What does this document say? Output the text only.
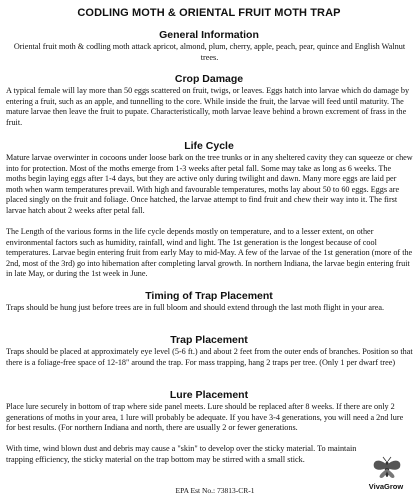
CODLING MOTH & ORIENTAL FRUIT MOTH TRAP
General Information

Oriental fruit moth & codling moth attack apricot, almond, plum, cherry, apple, peach, pear, quince and English Walnut trees.

Crop Damage

A typical female will lay more than 50 eggs scattered on fruit, twigs, or leaves. Eggs hatch into larvae which do damage by entering a fruit, such as an apple, and tunnelling to the core. While inside the fruit, the larvae will feed until maturity. The mature larvae then leave the fruit to pupate. Characteristically, moth larvae leave behind a brown excrement of frass in the fruit.

Life Cycle

Mature larvae overwinter in cocoons under loose bark on the tree trunks or in any sheltered cavity they can squeeze or chew into for protection. Most of the moths emerge from 1-3 weeks after petal fall. Some may take as long as 6 weeks. The moths begin laying eggs after 1-4 days, but they are active only during twilight and dawn. Many more eggs are laid per moth when warm temperatures prevail. With high and favourable temperatures, moths lay about 50 to 60 eggs. Eggs are placed singly on the fruit and foliage. Once hatched, the larvae attempt to find fruit and chew their way into it. The first larvae hatch about 2 weeks after petal fall.

The Length of the various forms in the life cycle depends mostly on temperature, and to a lesser extent, on other environmental factors such as humidity, rainfall, wind and light. The 1st generation is the longest because of cool temperatures. Larvae begin entering fruit from early May to mid-May. A few of the larvae of the 1st generation (more of the 2nd, most of the 3rd) go into hibernation after completing larval growth. In northern Indiana, the larvae begin entering fruit in late May, or during the 1st week in June.

Timing of Trap Placement

Traps should be hung just before trees are in full bloom and should extend through the last moth flight in your area.

Trap Placement

Traps should be placed at approximately eye level (5-6 ft.) and about 2 feet from the outer ends of branches. Position so that there is a foliage-free space of 12-18" around the trap. For mass trapping, hang 2 traps per tree. (Only 1 per dwarf tree)

Lure Placement

Place lure securely in bottom of trap where side panel meets. Lure should be replaced after 8 weeks. If there are only 2 generations of moths in your area, 1 lure will probably be adequate. If you have 3-4 generations, you will need a 2nd lure for best results. (For northern Indiana and north, there are usually 2 or fewer generations.

With time, wind blown dust and debris may cause a "skin" to develop over the sticky material. To maintain trapping efficiency, the sticky material on the trap bottom may be stirred with a small stick.

EPA Est No.: 73813-CR-1	VivaGrow
